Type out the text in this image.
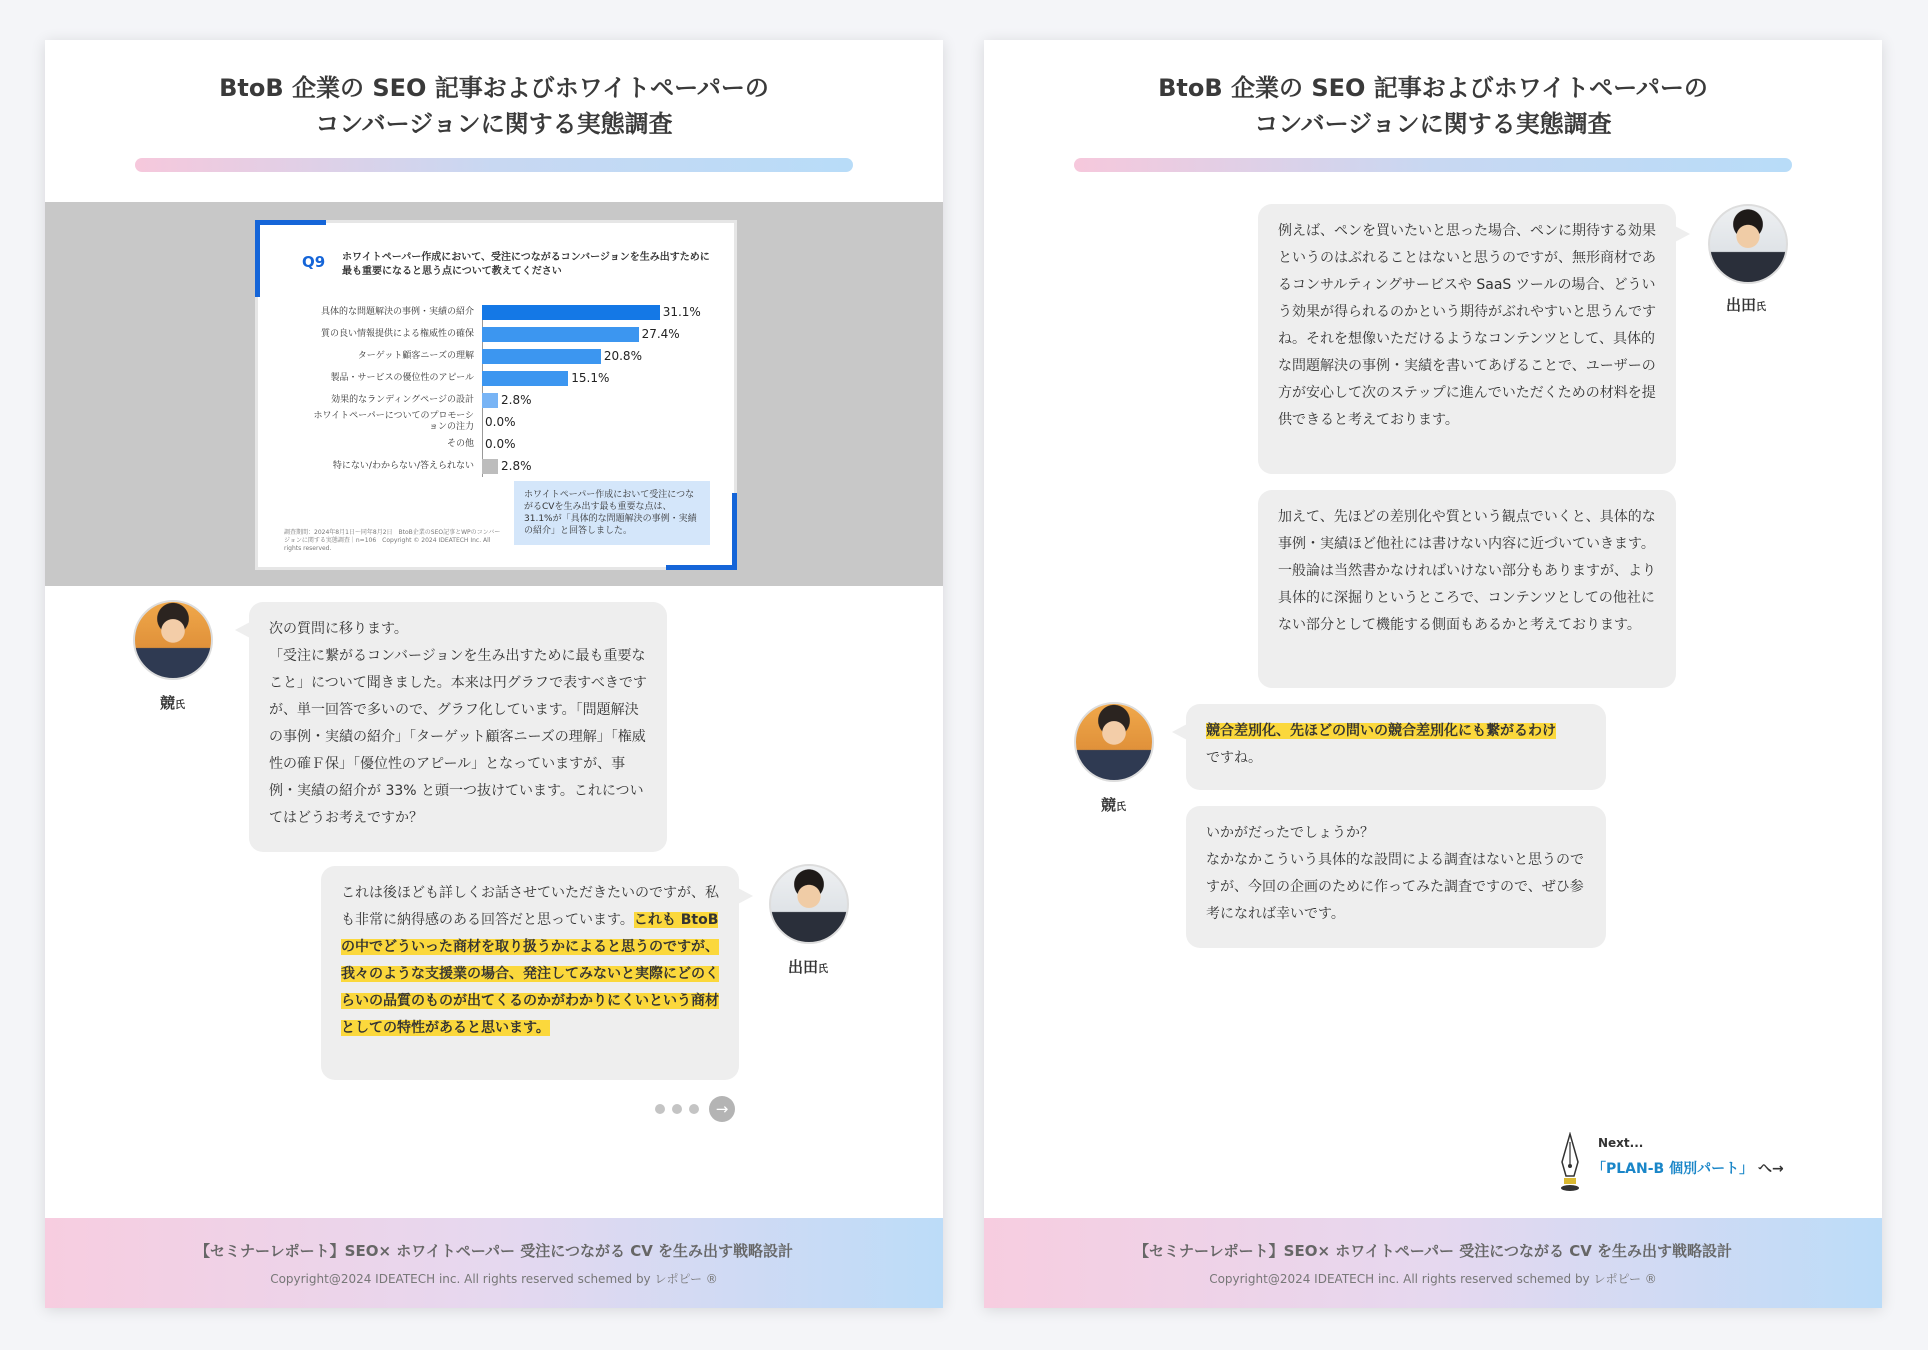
BtoB 企業の SEO 記事およびホワイトペーパーの
コンバージョンに関する実態調査
Q9 ホワイトペーパー作成において、受注につながるコンバージョンを生み出すために最も重要になると思う点について教えてください
具体的な問題解決の事例・実績の紹介	31.1%
質の良い情報提供による権威性の確保	27.4%
ターゲット顧客ニーズの理解	20.8%
製品・サービスの優位性のアピール	15.1%
効果的なランディングページの設計 2.8%
ホワイトペーパーについてのプロモーションの注力 0.0%
その他 0.0%
特にない/わからない/答えられない 2.8%
ホワイトペーパー作成において受注につながるCVを生み出す最も重要な点は、31.1%が「具体的な問題解決の事例・実績の紹介」と回答しました。
調査期間：2024年8月1日〜同年8月2日　BtoB企業のSEO記事とWPのコンバージョンに関する実態調査｜n=106　Copyright © 2024 IDEATECH Inc. All rights reserved.
競氏

次の質問に移ります。

「受注に繋がるコンバージョンを生み出すために最も重要なこと」について聞きました。本来は円グラフで表すべきですが、単一回答で多いので、グラフ化しています。「問題解決の事例・実績の紹介」「ターゲット顧客ニーズの理解」「権威性の確Ｆ保」「優位性のアピール」となっていますが、事例・実績の紹介が 33% と頭一つ抜けています。これについてはどうお考えですか？

出田氏

これは後ほども詳しくお話させていただきたいのですが、私も非常に納得感のある回答だと思っています。これも BtoB の中でどういった商材を取り扱うかによると思うのですが、我々のような支援業の場合、発注してみないと実際にどのくらいの品質のものが出てくるのかがわかりにくいという商材としての特性があると思います。

→
【セミナーレポート】SEO× ホワイトペーパー 受注につながる CV を生み出す戦略設計
Copyright@2024 IDEATECH inc. All rights reserved schemed by レポピー ®
BtoB 企業の SEO 記事およびホワイトペーパーの
コンバージョンに関する実態調査
出田氏

例えば、ペンを買いたいと思った場合、ペンに期待する効果というのはぶれることはないと思うのですが、無形商材であるコンサルティングサービスや SaaS ツールの場合、どういう効果が得られるのかという期待がぶれやすいと思うんですね。それを想像いただけるようなコンテンツとして、具体的な問題解決の事例・実績を書いてあげることで、ユーザーの方が安心して次のステップに進んでいただくための材料を提供できると考えております。

加えて、先ほどの差別化や質という観点でいくと、具体的な事例・実績ほど他社には書けない内容に近づいていきます。一般論は当然書かなければいけない部分もありますが、より具体的に深掘りというところで、コンテンツとしての他社にない部分として機能する側面もあるかと考えております。

競氏

競合差別化、先ほどの問いの競合差別化にも繋がるわけ
ですね。

いかがだったでしょうか？

なかなかこういう具体的な設問による調査はないと思うのですが、今回の企画のために作ってみた調査ですので、ぜひ参考になれば幸いです。

Next...
「PLAN-B 個別パート」 へ→
【セミナーレポート】SEO× ホワイトペーパー 受注につながる CV を生み出す戦略設計
Copyright@2024 IDEATECH inc. All rights reserved schemed by レポピー ®
